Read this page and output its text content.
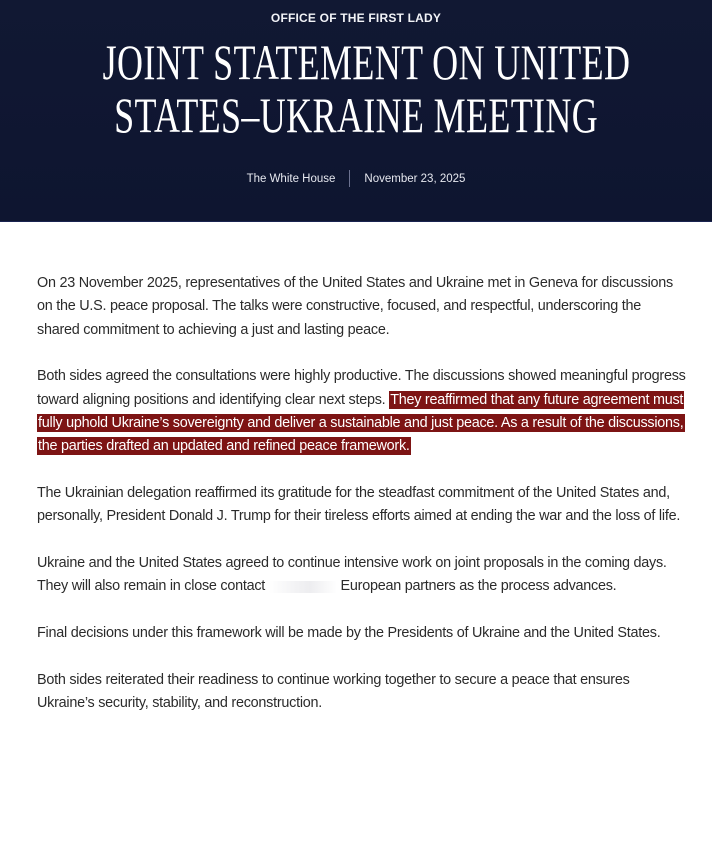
OFFICE OF THE FIRST LADY
JOINT STATEMENT ON UNITED
STATES–UKRAINE MEETING
The White House	November 23, 2025

On 23 November 2025, representatives of the United States and Ukraine met in Geneva for discussions on the U.S. peace proposal. The talks were constructive, focused, and respectful, underscoring the shared commitment to achieving a just and lasting peace.

Both sides agreed the consultations were highly productive. The discussions showed meaningful progress toward aligning positions and identifying clear next steps. They reaffirmed that any future agreement must fully uphold Ukraine’s sovereignty and deliver a sustainable and just peace. As a result of the discussions, the parties drafted an updated and refined peace framework.

The Ukrainian delegation reaffirmed its gratitude for the steadfast commitment of the United States and, personally, President Donald J. Trump for their tireless efforts aimed at ending the war and the loss of life.

Ukraine and the United States agreed to continue intensive work on joint proposals in the coming days. They will also remain in close contact	European partners as the process advances.

Final decisions under this framework will be made by the Presidents of Ukraine and the United States.

Both sides reiterated their readiness to continue working together to secure a peace that ensures Ukraine’s security, stability, and reconstruction.
